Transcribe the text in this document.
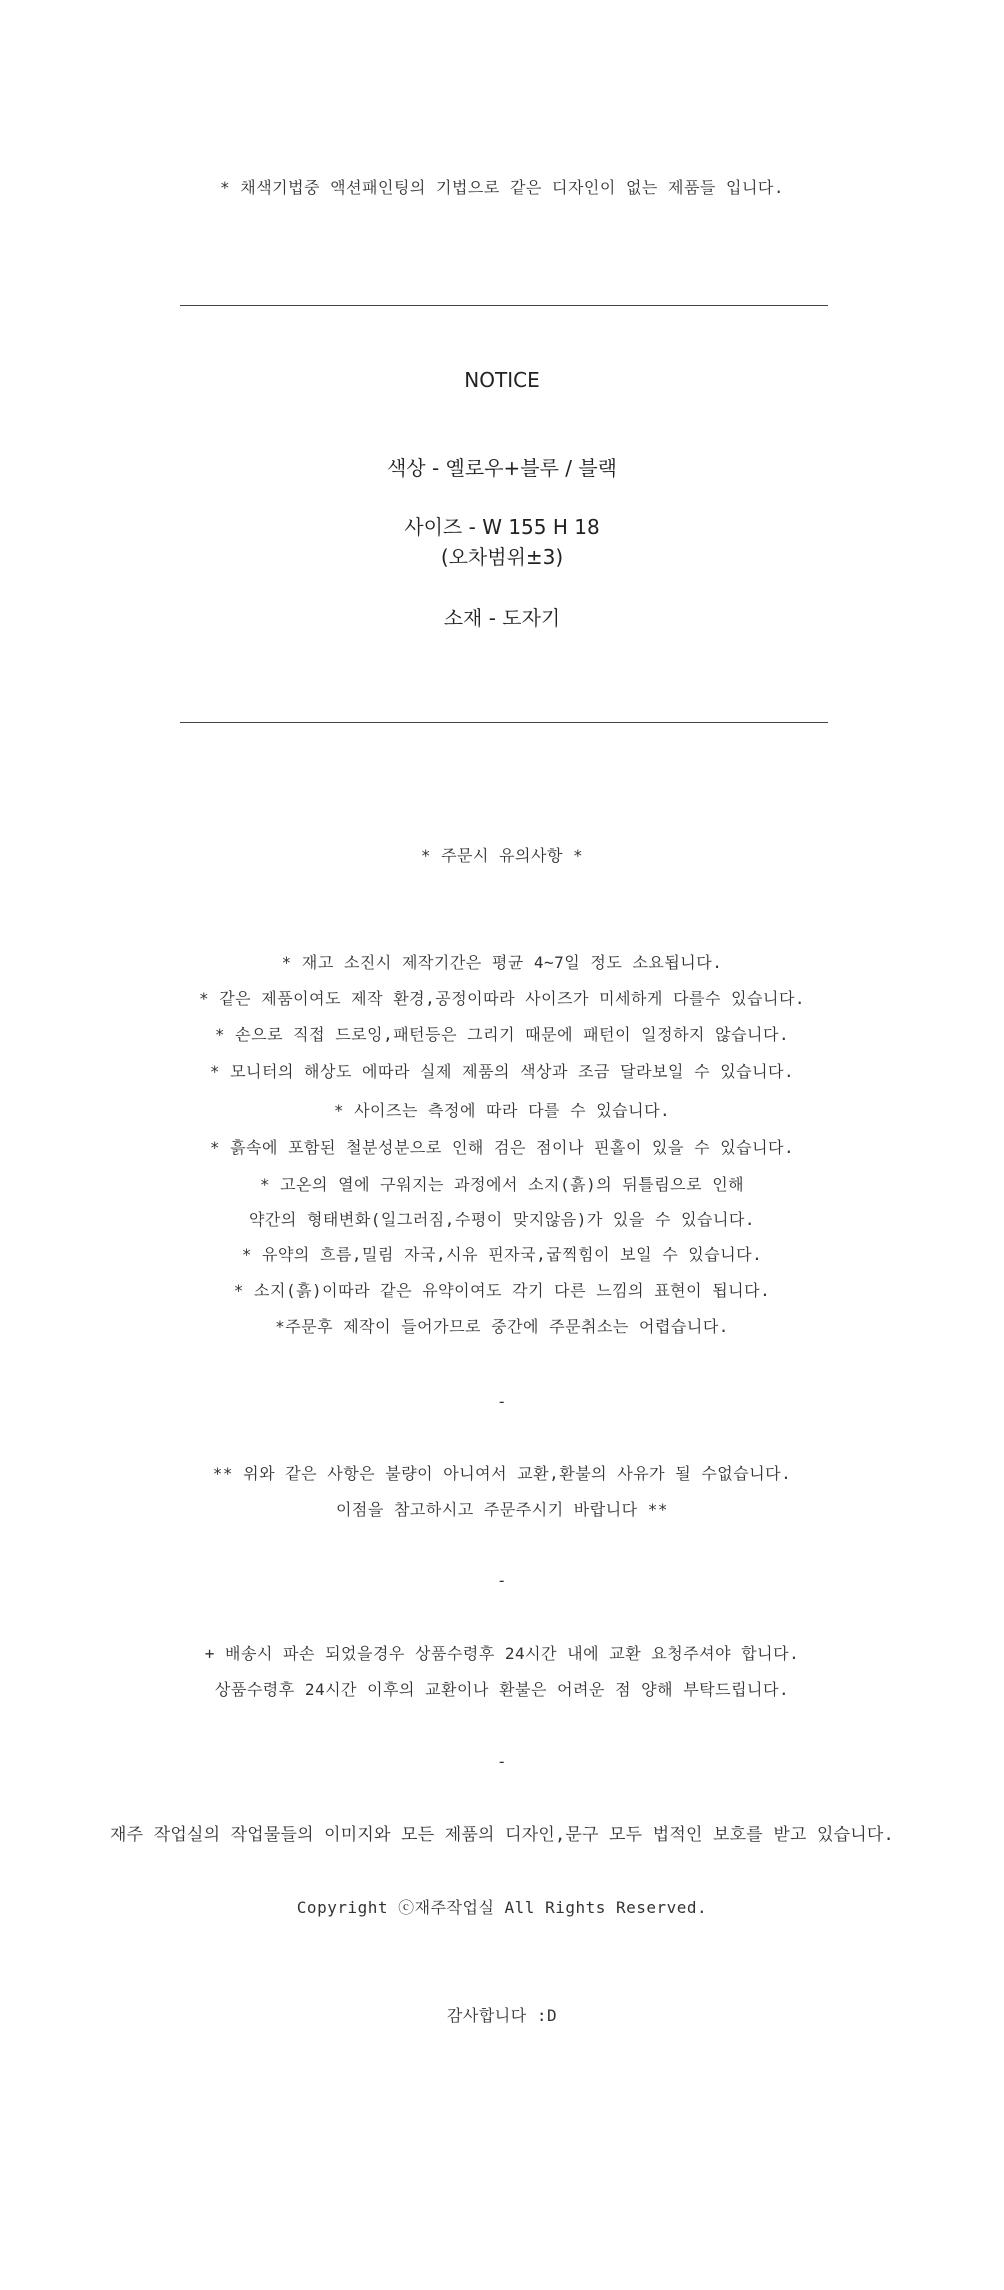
* 채색기법중 액션패인팅의 기법으로 같은 디자인이 없는 제품들 입니다.
NOTICE
색상 - 옐로우+블루 / 블랙
사이즈 - W 155 H 18
(오차범위±3)
소재 - 도자기
* 주문시 유의사항 *
* 재고 소진시 제작기간은 평균 4~7일 정도 소요됩니다.
* 같은 제품이여도 제작 환경,공정이따라 사이즈가 미세하게 다를수 있습니다.
* 손으로 직접 드로잉,패턴등은 그리기 때문에 패턴이 일정하지 않습니다.
* 모니터의 해상도 에따라 실제 제품의 색상과 조금 달라보일 수 있습니다.
* 사이즈는 측정에 따라 다를 수 있습니다.
* 흙속에 포함된 철분성분으로 인해 검은 점이나 핀홀이 있을 수 있습니다.
* 고온의 열에 구워지는 과정에서 소지(흙)의 뒤틀림으로 인해
약간의 형태변화(일그러짐,수평이 맞지않음)가 있을 수 있습니다.
* 유약의 흐름,밀림 자국,시유 핀자국,굽찍힘이 보일 수 있습니다.
* 소지(흙)이따라 같은 유약이여도 각기 다른 느낌의 표현이 됩니다.
*주문후 제작이 들어가므로 중간에 주문취소는 어렵습니다.
-
** 위와 같은 사항은 불량이 아니여서 교환,환불의 사유가 될 수없습니다.
이점을 참고하시고 주문주시기 바랍니다 **
-
+ 배송시 파손 되었을경우 상품수령후 24시간 내에 교환 요청주셔야 합니다.
상품수령후 24시간 이후의 교환이나 환불은 어려운 점 양해 부탁드립니다.
-
재주 작업실의 작업물들의 이미지와 모든 제품의 디자인,문구 모두 법적인 보호를 받고 있습니다.
Copyright ⓒ재주작업실 All Rights Reserved.
감사합니다 :D
